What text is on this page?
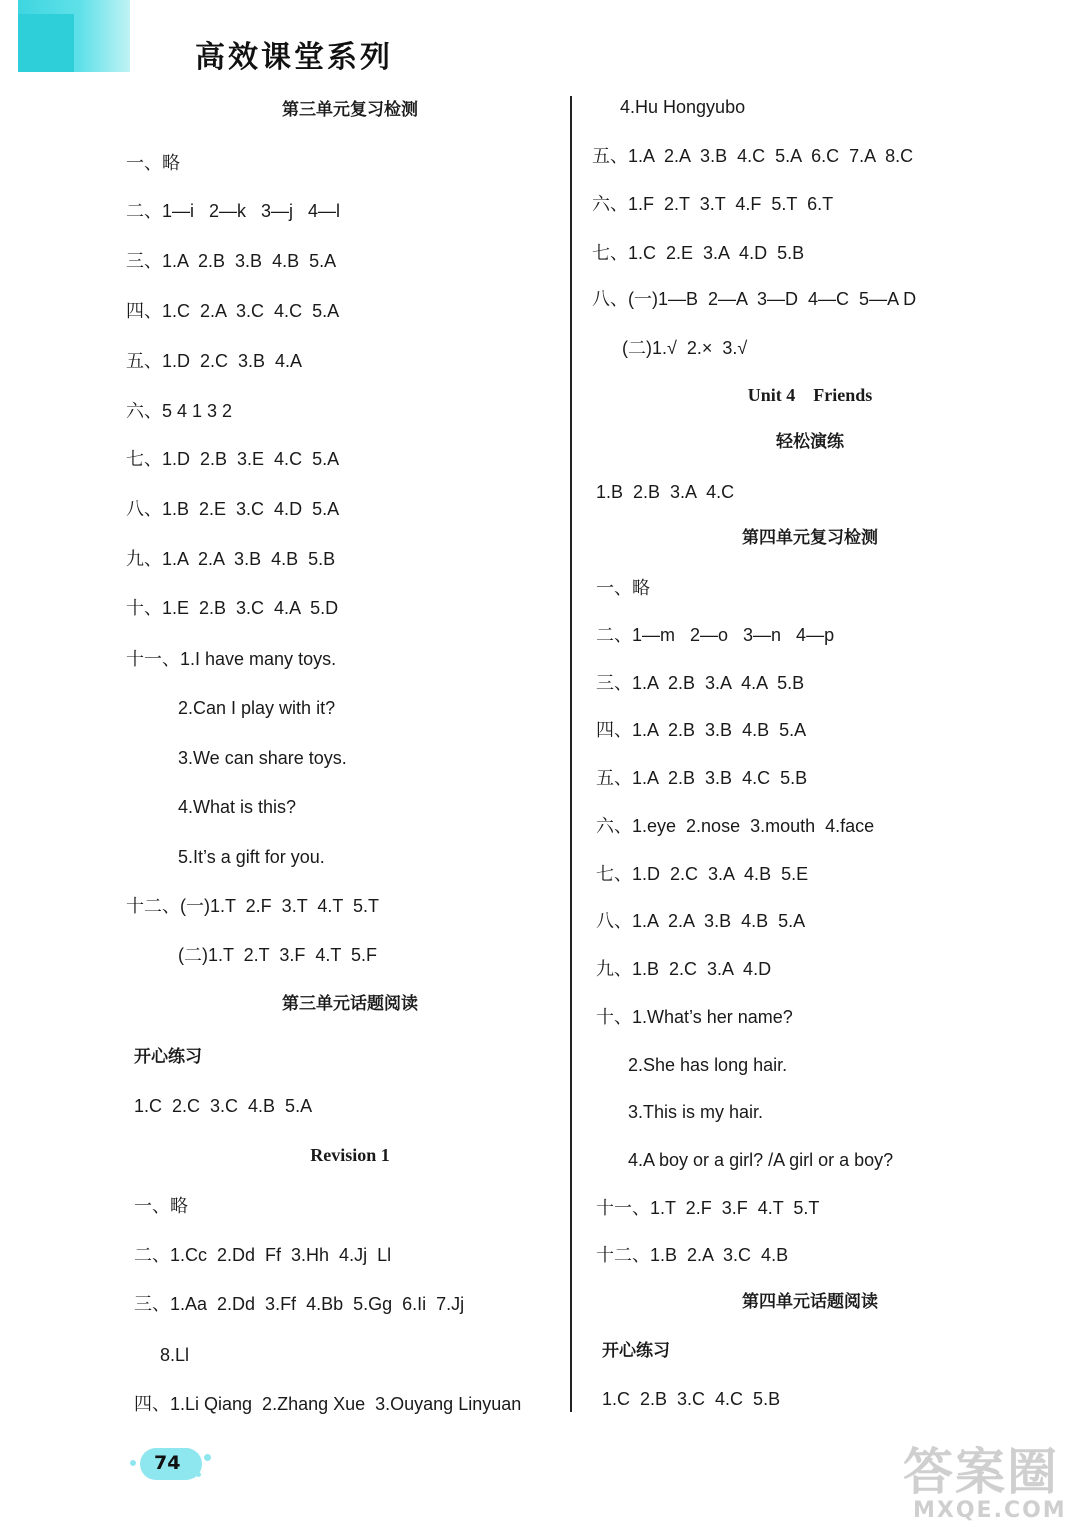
高效课堂系列
第三单元复习检测
一、略
二、1—i   2—k   3—j   4—l
三、1.A  2.B  3.B  4.B  5.A
四、1.C  2.A  3.C  4.C  5.A
五、1.D  2.C  3.B  4.A
六、5 4 1 3 2
七、1.D  2.B  3.E  4.C  5.A
八、1.B  2.E  3.C  4.D  5.A
九、1.A  2.A  3.B  4.B  5.B
十、1.E  2.B  3.C  4.A  5.D
十一、1.I have many toys.
2.Can I play with it?
3.We can share toys.
4.What is this?
5.It’s a gift for you.
十二、(一)1.T  2.F  3.T  4.T  5.T
(二)1.T  2.T  3.F  4.T  5.F
第三单元话题阅读
开心练习
1.C  2.C  3.C  4.B  5.A
Revision 1
一、略
二、1.Cc  2.Dd  Ff  3.Hh  4.Jj  Ll
三、1.Aa  2.Dd  3.Ff  4.Bb  5.Gg  6.Ii  7.Jj
8.Ll
四、1.Li Qiang  2.Zhang Xue  3.Ouyang Linyuan
4.Hu Hongyubo
五、1.A  2.A  3.B  4.C  5.A  6.C  7.A  8.C
六、1.F  2.T  3.T  4.F  5.T  6.T
七、1.C  2.E  3.A  4.D  5.B
八、(一)1—B  2—A  3—D  4—C  5—A D
(二)1.√  2.×  3.√
Unit 4    Friends
轻松演练
1.B  2.B  3.A  4.C
第四单元复习检测
一、略
二、1—m   2—o   3—n   4—p
三、1.A  2.B  3.A  4.A  5.B
四、1.A  2.B  3.B  4.B  5.A
五、1.A  2.B  3.B  4.C  5.B
六、1.eye  2.nose  3.mouth  4.face
七、1.D  2.C  3.A  4.B  5.E
八、1.A  2.A  3.B  4.B  5.A
九、1.B  2.C  3.A  4.D
十、1.What’s her name?
2.She has long hair.
3.This is my hair.
4.A boy or a girl? /A girl or a boy?
十一、1.T  2.F  3.F  4.T  5.T
十二、1.B  2.A  3.C  4.B
第四单元话题阅读
开心练习
1.C  2.B  3.C  4.C  5.B
74	答案圈
MXQE.COM
